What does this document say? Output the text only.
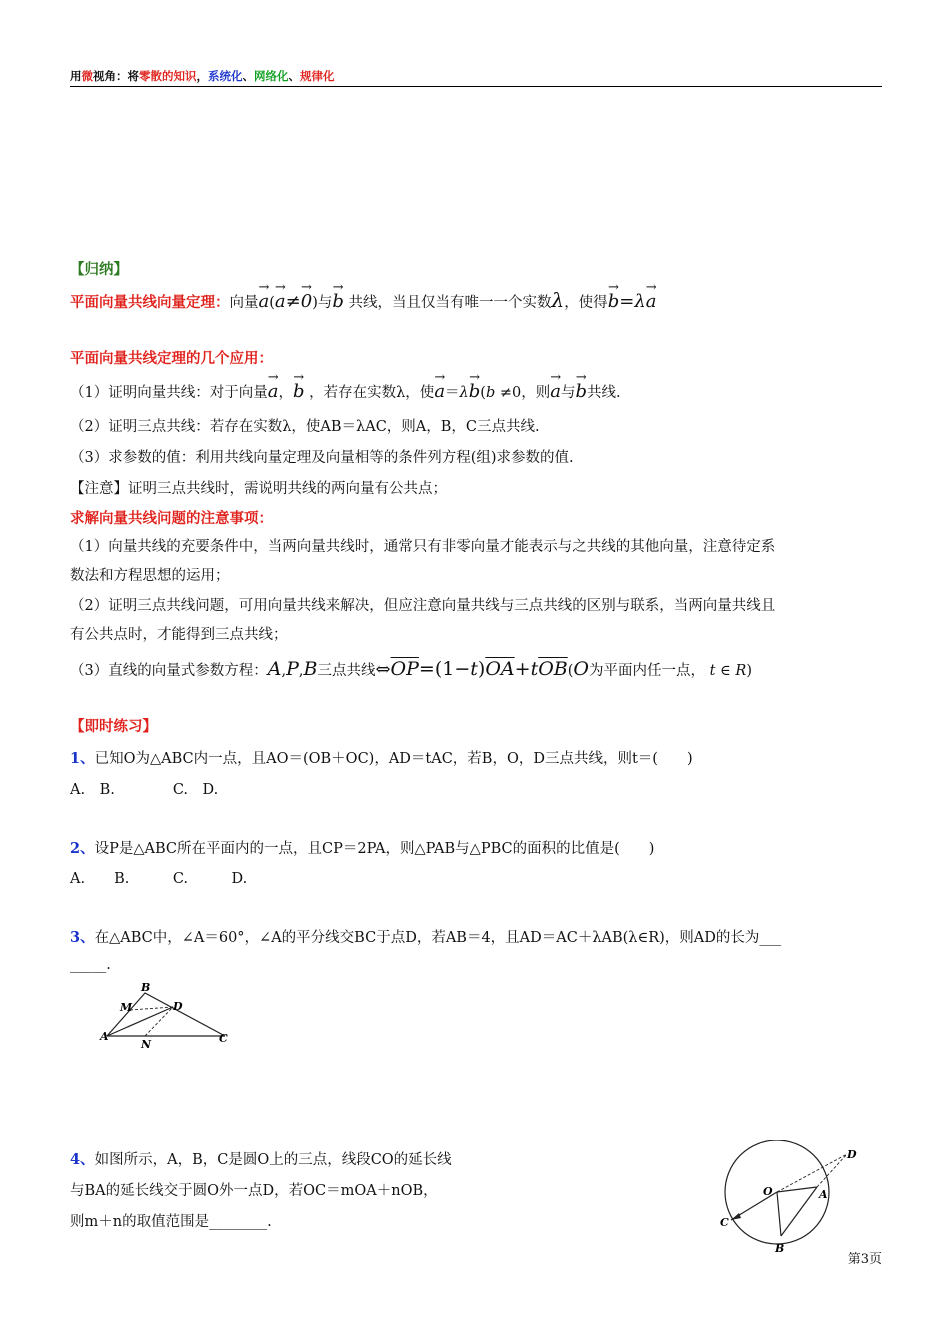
用微视角：将零散的知识，系统化、网络化、规律化
【归纳】
平面向量共线向量定理：向量→ a(→ a≠→ 0)与→ b 共线，当且仅当有唯一一个实数λ，使得→ b=λ→ a
平面向量共线定理的几个应用：
（1）证明向量共线：对于向量→ a，→ b ，若存在实数λ，使→ a＝λ→ b(b ≠0，则→ a与→ b共线.
（2）证明三点共线：若存在实数λ，使AB＝λAC，则A，B，C三点共线.
（3）求参数的值：利用共线向量定理及向量相等的条件列方程(组)求参数的值.
【注意】证明三点共线时，需说明共线的两向量有公共点；
求解向量共线问题的注意事项：
（1）向量共线的充要条件中，当两向量共线时，通常只有非零向量才能表示与之共线的其他向量，注意待定系
数法和方程思想的运用；
（2）证明三点共线问题，可用向量共线来解决，但应注意向量共线与三点共线的区别与联系，当两向量共线且
有公共点时，才能得到三点共线；
（3）直线的向量式参数方程：A,P,B三点共线$\Leftrightarrow\overline{OP}=(1-t)\overline{OA}+t\overline{OB}(O$为平面内任一点， t ∈ R)
【即时练习】
1、已知O为△ABC内一点，且AO＝(OB＋OC)，AD＝tAC，若B，O，D三点共线，则t＝(　　)
A.　B.　　　　C.　D.
2、设P是△ABC所在平面内的一点，且CP＝2PA，则△PAB与△PBC的面积的比值是(　　)
A.　　B.　　　C.　　　D.
3、在△ABC中，∠A＝60°，∠A的平分线交BC于点D，若AB＝4，且AD＝AC＋λAB(λ∈R)，则AD的长为___
_____.
A
B
C
D
M
N
4、如图所示，A，B，C是圆O上的三点，线段CO的延长线
与BA的延长线交于圆O外一点D，若OC＝mOA＋nOB，
则m＋n的取值范围是________.
O	A
B
C
D
第3页
